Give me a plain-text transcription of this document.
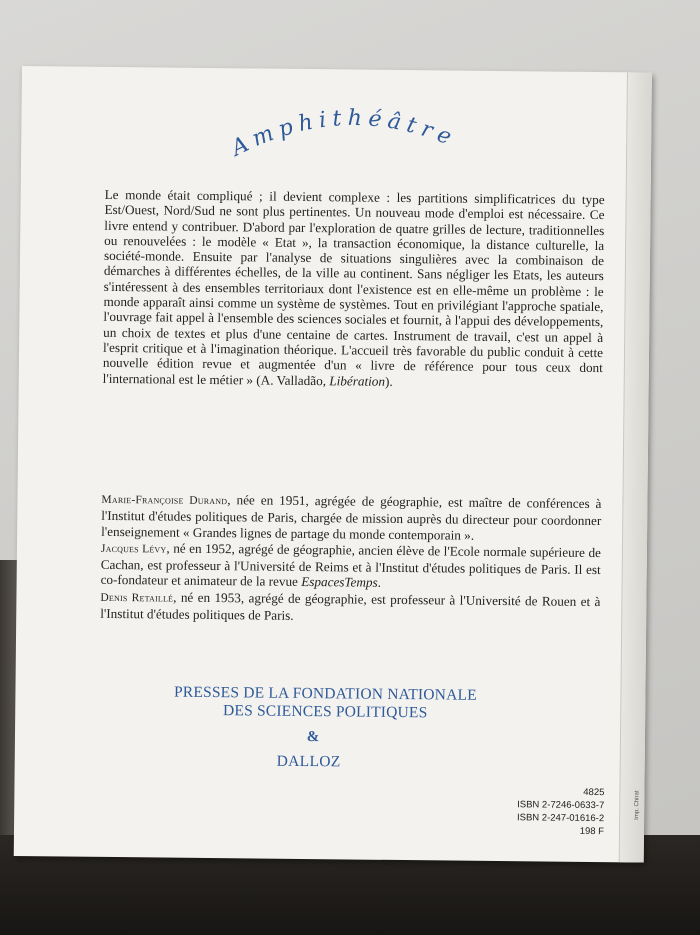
Imp. Chirat
Amphithéâtre
Le monde était compliqué ; il devient complexe : les partitions simplificatrices du type Est/Ouest, Nord/Sud ne sont plus pertinentes. Un nouveau mode d'emploi est nécessaire. Ce livre entend y contribuer. D'abord par l'exploration de quatre grilles de lecture, traditionnelles ou renouvelées : le modèle « Etat », la transaction économique, la distance culturelle, la société-monde. Ensuite par l'analyse de situations singulières avec la combinaison de démarches à différentes échelles, de la ville au continent. Sans négliger les Etats, les auteurs s'intéressent à des ensembles territoriaux dont l'existence est en elle-même un problème : le monde apparaît ainsi comme un système de systèmes. Tout en privilégiant l'approche spatiale, l'ouvrage fait appel à l'ensemble des sciences sociales et fournit, à l'appui des développements, un choix de textes et plus d'une centaine de cartes. Instrument de travail, c'est un appel à l'esprit critique et à l'imagination théorique. L'accueil très favorable du public conduit à cette nouvelle édition revue et augmentée d'un « livre de référence pour tous ceux dont l'international est le métier » (A. Valladão, Libération).

Marie-Françoise Durand, née en 1951, agrégée de géographie, est maître de conférences à l'Institut d'études politiques de Paris, chargée de mission auprès du directeur pour coordonner l'enseignement « Grandes lignes de partage du monde contemporain ».

Jacques Lévy, né en 1952, agrégé de géographie, ancien élève de l'Ecole normale supérieure de Cachan, est professeur à l'Université de Reims et à l'Institut d'études politiques de Paris. Il est co-fondateur et animateur de la revue EspacesTemps.

Denis Retaillé, né en 1953, agrégé de géographie, est professeur à l'Université de Rouen et à l'Institut d'études politiques de Paris.

PRESSES DE LA FONDATION NATIONALE
DES SCIENCES POLITIQUES
&
DALLOZ
4825
ISBN 2-7246-0633-7
ISBN 2-247-01616-2
198 F
